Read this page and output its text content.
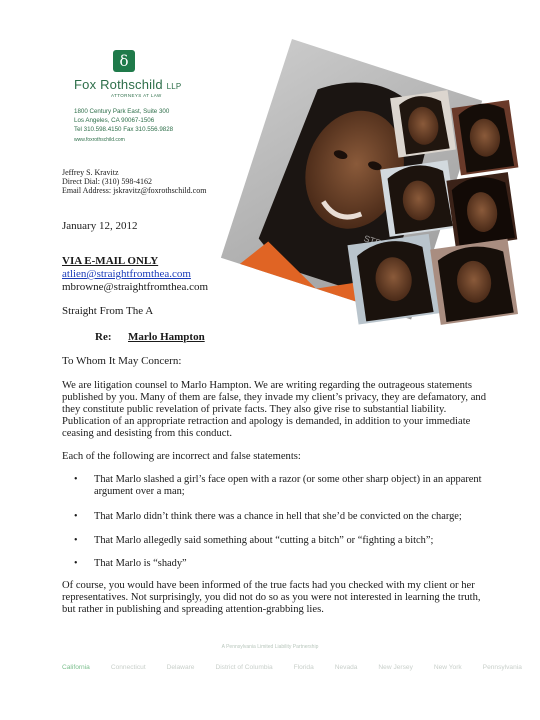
δ
Fox Rothschild LLP
ATTORNEYS AT LAW
1800 Century Park East, Suite 300
Los Angeles, CA 90067-1506
Tel 310.598.4150 Fax 310.556.9828
www.foxrothschild.com
Jeffrey S. Kravitz
Direct Dial: (310) 598-4162
Email Address: jskravitz@foxrothschild.com
January 12, 2012
VIA E-MAIL ONLY
atlien@straightfromthea.com
mbrowne@straightfromthea.com
Straight From The A
Re: Marlo Hampton
To Whom It May Concern:
We are litigation counsel to Marlo Hampton. We are writing regarding the outrageous statements published by you. Many of them are false, they invade my client’s privacy, they are defamatory, and they constitute public revelation of private facts. They also give rise to substantial liability. Publication of an appropriate retraction and apology is demanded, in addition to your immediate ceasing and desisting from this conduct.
Each of the following are incorrect and false statements:
• That Marlo slashed a girl’s face open with a razor (or some other sharp object) in an apparent argument over a man;
• That Marlo didn’t think there was a chance in hell that she’d be convicted on the charge;
• That Marlo allegedly said something about “cutting a bitch” or “fighting a bitch”;
• That Marlo is “shady”
Of course, you would have been informed of the true facts had you checked with my client or her representatives. Not surprisingly, you did not do so as you were not interested in learning the truth, but rather in publishing and spreading attention-grabbing lies.
A Pennsylvania Limited Liability Partnership
California	Connecticut	Delaware	District of Columbia	Florida	Nevada	New Jersey	New York	Pennsylvania
